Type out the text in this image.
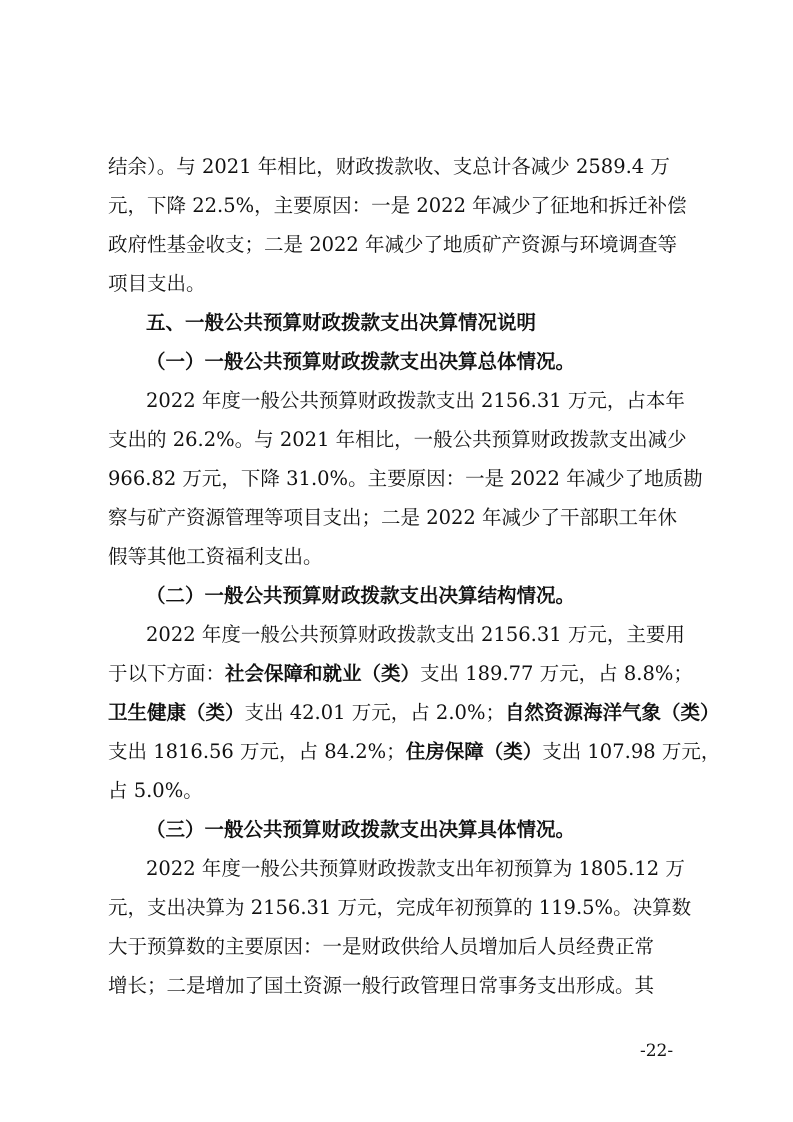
结余）。与 2021 年相比，财政拨款收、支总计各减少 2589.4 万
元，下降 22.5%，主要原因：一是 2022 年减少了征地和拆迁补偿
政府性基金收支；二是 2022 年减少了地质矿产资源与环境调查等
项目支出。
五、一般公共预算财政拨款支出决算情况说明
（一）一般公共预算财政拨款支出决算总体情况。
2022 年度一般公共预算财政拨款支出 2156.31 万元，占本年
支出的 26.2%。与 2021 年相比，一般公共预算财政拨款支出减少
966.82 万元，下降 31.0%。主要原因：一是 2022 年减少了地质勘
察与矿产资源管理等项目支出；二是 2022 年减少了干部职工年休
假等其他工资福利支出。
（二）一般公共预算财政拨款支出决算结构情况。
2022 年度一般公共预算财政拨款支出 2156.31 万元，主要用
于以下方面：社会保障和就业（类）支出 189.77 万元，占 8.8%；
卫生健康（类）支出 42.01 万元，占 2.0%；自然资源海洋气象（类）
支出 1816.56 万元，占 84.2%；住房保障（类）支出 107.98 万元，
占 5.0%。
（三）一般公共预算财政拨款支出决算具体情况。
2022 年度一般公共预算财政拨款支出年初预算为 1805.12 万
元，支出决算为 2156.31 万元，完成年初预算的 119.5%。决算数
大于预算数的主要原因：一是财政供给人员增加后人员经费正常
增长；二是增加了国土资源一般行政管理日常事务支出形成。其
-22-
